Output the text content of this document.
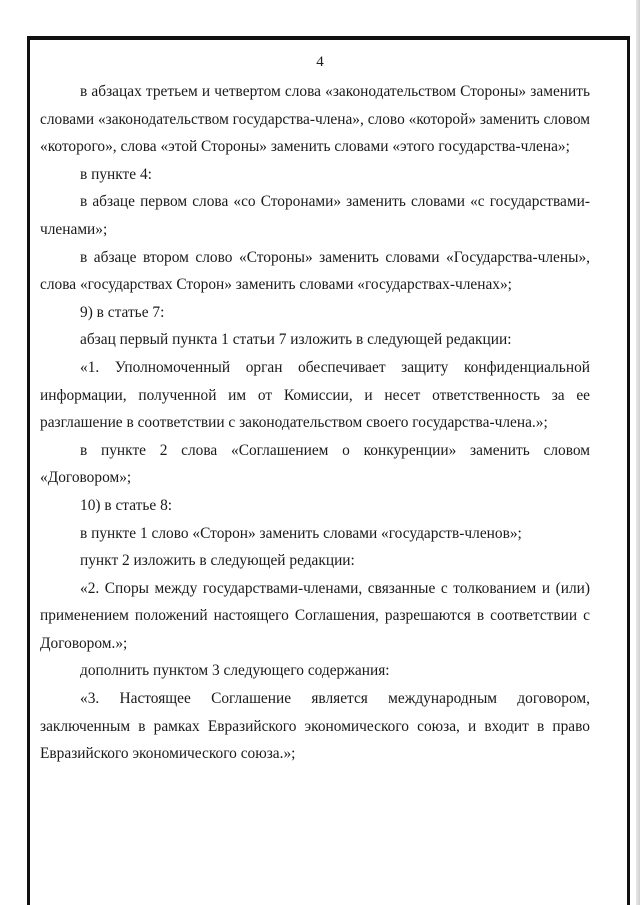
4

в абзацах третьем и четвертом слова «законодательством Стороны» заменить словами «законодательством государства-члена», слово «которой» заменить словом «которого», слова «этой Стороны» заменить словами «этого государства-члена»;

в пункте 4:

в абзаце первом слова «со Сторонами» заменить словами «с государствами-членами»;

в абзаце втором слово «Стороны» заменить словами «Государства-члены», слова «государствах Сторон» заменить словами «государствах-членах»;

9) в статье 7:

абзац первый пункта 1 статьи 7 изложить в следующей редакции:

«1. Уполномоченный орган обеспечивает защиту конфиденциальной информации, полученной им от Комиссии, и несет ответственность за ее разглашение в соответствии с законодательством своего государства-члена.»;

в пункте 2 слова «Соглашением о конкуренции» заменить словом «Договором»;

10) в статье 8:

в пункте 1 слово «Сторон» заменить словами «государств-членов»;

пункт 2 изложить в следующей редакции:

«2. Споры между государствами-членами, связанные с толкованием и (или) применением положений настоящего Соглашения, разрешаются в соответствии с Договором.»;

дополнить пунктом 3 следующего содержания:

«3. Настоящее Соглашение является международным договором, заключенным в рамках Евразийского экономического союза, и входит в право Евразийского экономического союза.»;
